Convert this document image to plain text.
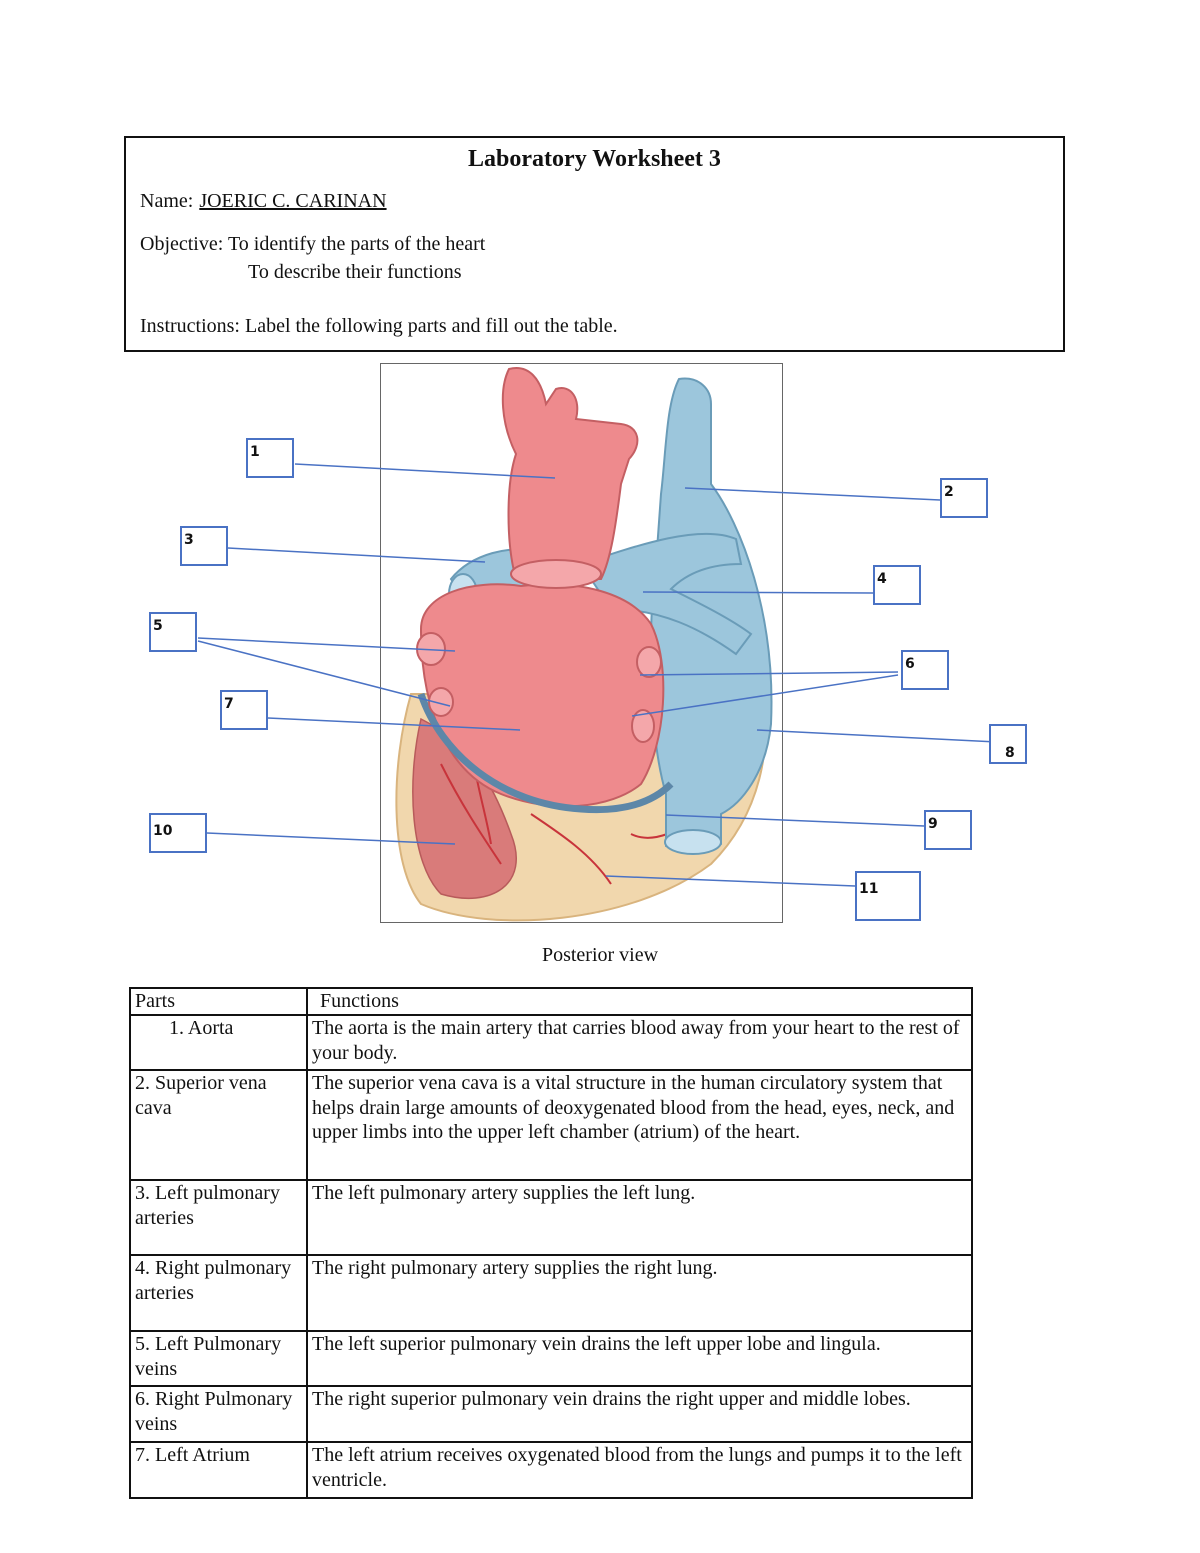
Laboratory Worksheet 3
Name: JOERIC C. CARINAN
Objective: To identify the parts of the heart
To describe their functions
Instructions: Label the following parts and fill out the table.
1
2
3
4
5
6
7
8
9
10
11
Posterior view
Parts	Functions
1. Aorta	The aorta is the main artery that carries blood away from your heart to the rest of your body.
2. Superior vena cava	The superior vena cava is a vital structure in the human circulatory system that helps drain large amounts of deoxygenated blood from the head, eyes, neck, and upper limbs into the upper left chamber (atrium) of the heart.
3. Left pulmonary arteries	The left pulmonary artery supplies the left lung.
4. Right pulmonary arteries	The right pulmonary artery supplies the right lung.
5. Left Pulmonary veins	The left superior pulmonary vein drains the left upper lobe and lingula.
6. Right Pulmonary veins	The right superior pulmonary vein drains the right upper and middle lobes.
7. Left Atrium	The left atrium receives oxygenated blood from the lungs and pumps it to the left ventricle.
